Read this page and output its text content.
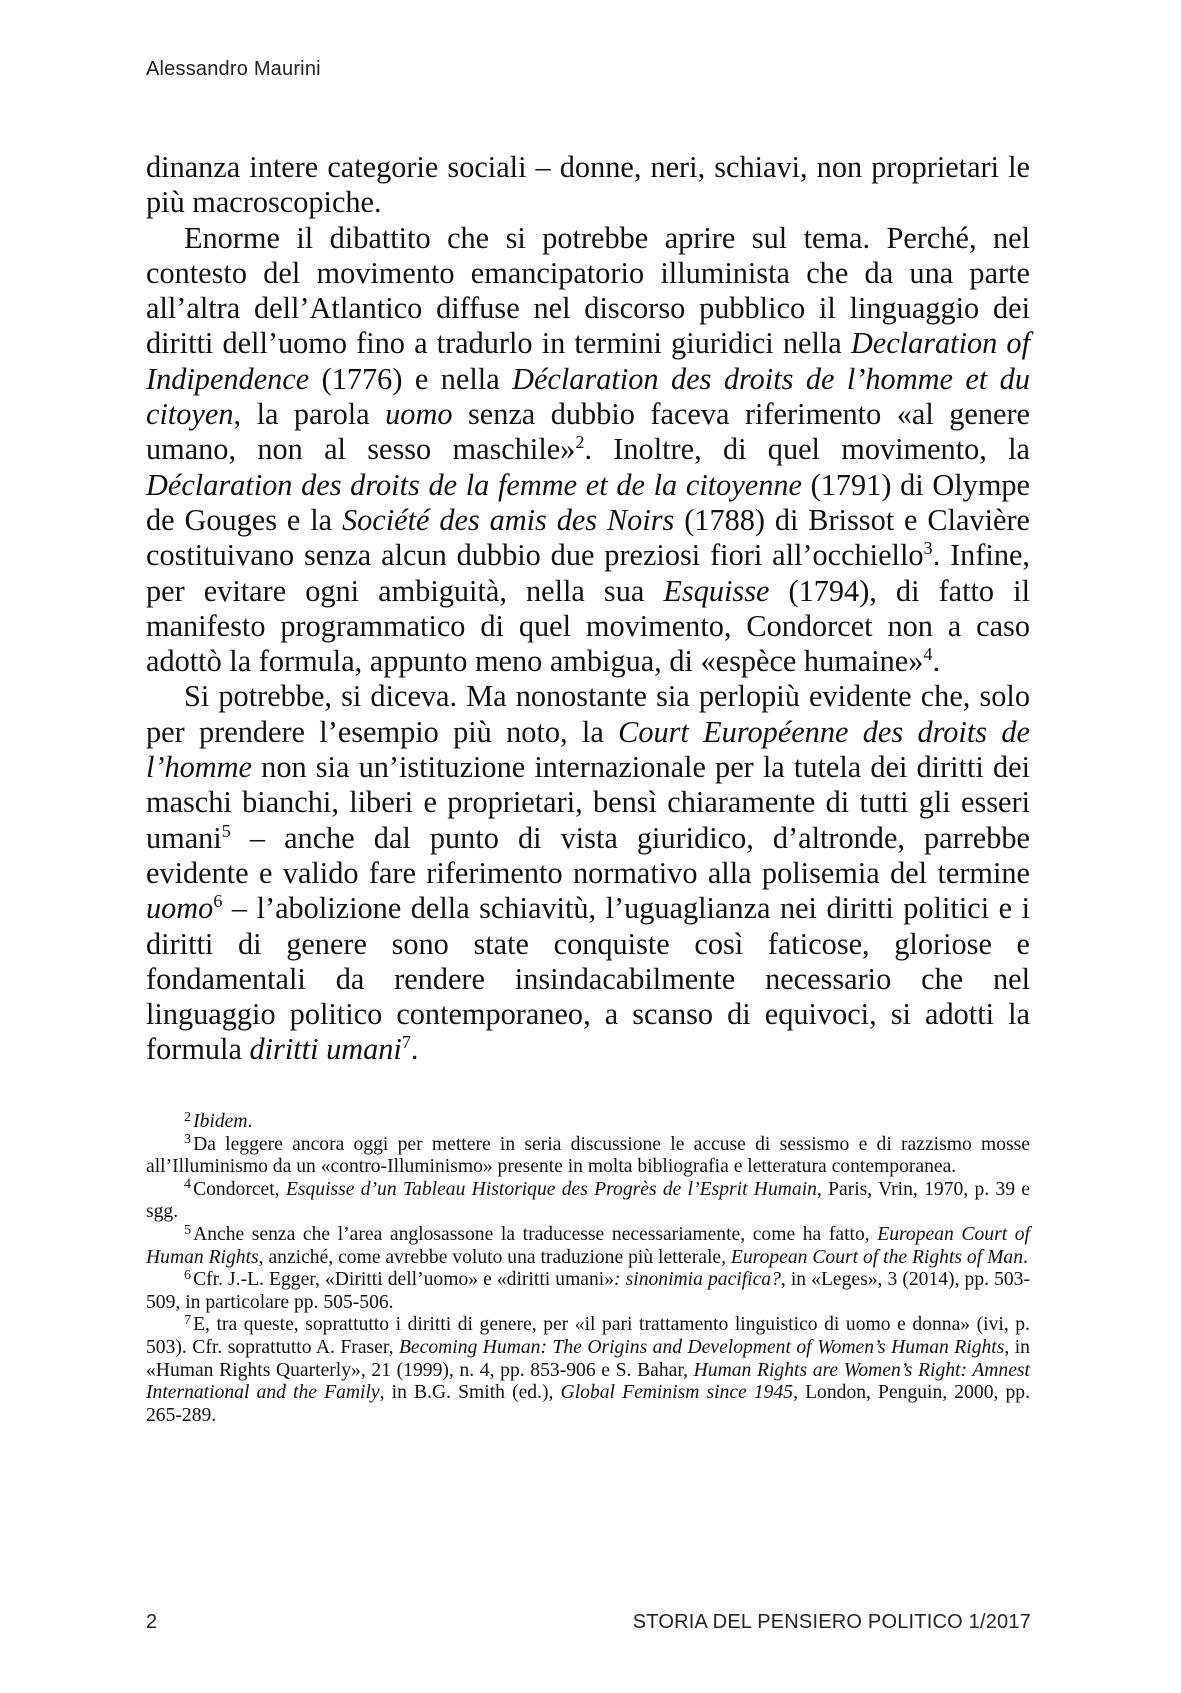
Alessandro Maurini

dinanza intere categorie sociali – donne, neri, schiavi, non proprietari le più macroscopiche.

Enorme il dibattito che si potrebbe aprire sul tema. Perché, nel contesto del movimento emancipatorio illuminista che da una parte all’altra dell’Atlantico diffuse nel discorso pubblico il linguaggio dei diritti dell’uomo fino a tradurlo in termini giuridici nella Declaration of Indipendence (1776) e nella Déclaration des droits de l’homme et du citoyen, la parola uomo senza dubbio faceva riferimento «al genere umano, non al sesso maschile»$^2$. Inoltre, di quel movimento, la Déclaration des droits de la femme et de la citoyenne (1791) di Olympe de Gouges e la Société des amis des Noirs (1788) di Brissot e Clavière costituivano senza alcun dubbio due preziosi fiori all’occhiello$^3$. Infine, per evitare ogni ambiguità, nella sua Esquisse (1794), di fatto il manifesto programmatico di quel movimento, Condorcet non a caso adottò la formula, appunto meno ambigua, di «espèce humaine»$^4$.

Si potrebbe, si diceva. Ma nonostante sia perlopiù evidente che, solo per prendere l’esempio più noto, la Court Européenne des droits de l’homme non sia un’istituzione internazionale per la tutela dei diritti dei maschi bianchi, liberi e proprietari, bensì chiaramente di tutti gli esseri umani$^5$ – anche dal punto di vista giuridico, d’altronde, parrebbe evidente e valido fare riferimento normativo alla polisemia del termine uomo$^6$ – l’abolizione della schiavitù, l’uguaglianza nei diritti politici e i diritti di genere sono state conquiste così faticose, gloriose e fondamentali da rendere insindacabilmente necessario che nel linguaggio politico contemporaneo, a scanso di equivoci, si adotti la formula diritti umani$^7$.

$^2$ Ibidem.

$^3$ Da leggere ancora oggi per mettere in seria discussione le accuse di sessismo e di razzismo mosse all’Illuminismo da un «contro-Illuminismo» presente in molta bibliografia e letteratura contemporanea.

$^4$ Condorcet, Esquisse d’un Tableau Historique des Progrès de l’Esprit Humain, Paris, Vrin, 1970, p. 39 e sgg.

$^5$ Anche senza che l’area anglosassone la traducesse necessariamente, come ha fatto, European Court of Human Rights, anziché, come avrebbe voluto una traduzione più letterale, European Court of the Rights of Man.

$^6$ Cfr. J.-L. Egger, «Diritti dell’uomo» e «diritti umani»: sinonimia pacifica?, in «Leges», 3 (2014), pp. 503-509, in particolare pp. 505-506.

$^7$ E, tra queste, soprattutto i diritti di genere, per «il pari trattamento linguistico di uomo e donna» (ivi, p. 503). Cfr. soprattutto A. Fraser, Becoming Human: The Origins and Development of Women’s Human Rights, in «Human Rights Quarterly», 21 (1999), n. 4, pp. 853-906 e S. Bahar, Human Rights are Women’s Right: Amnest International and the Family, in B.G. Smith (ed.), Global Feminism since 1945, London, Penguin, 2000, pp. 265-289.

2	STORIA DEL PENSIERO POLITICO 1/2017
